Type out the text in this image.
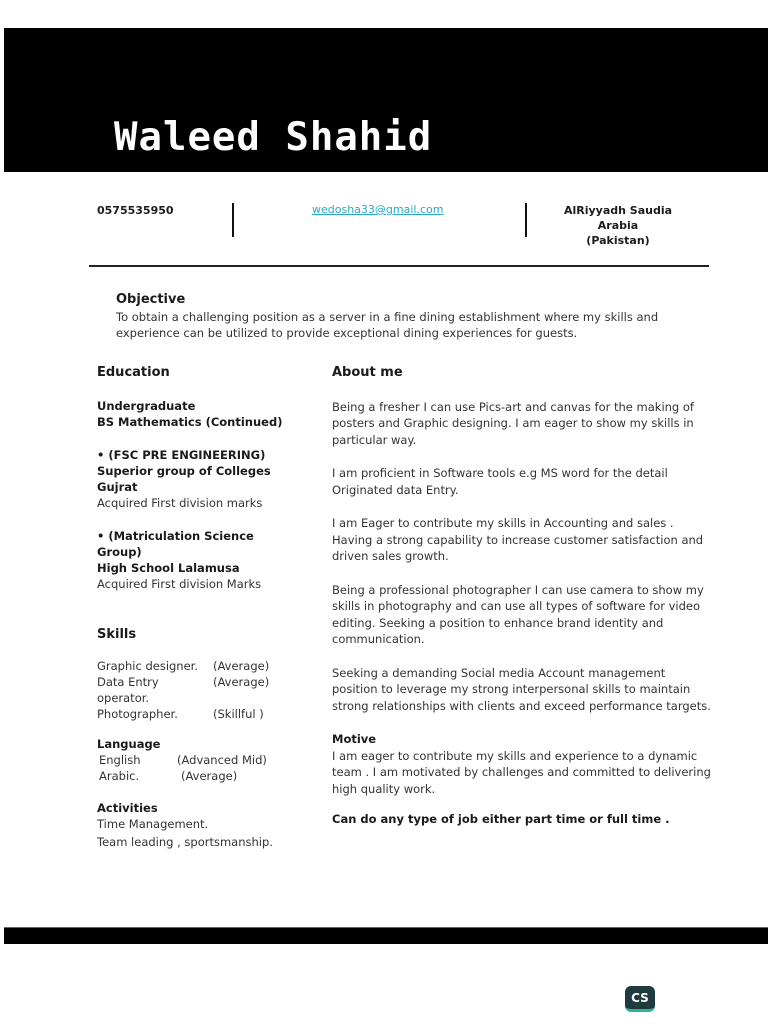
Waleed Shahid
0575535950	wedosha33@gmail.com	AlRiyyadh Saudia Arabia
(Pakistan)
Objective
To obtain a challenging position as a server in a fine dining establishment where my skills and experience can be utilized to provide exceptional dining experiences for guests.
Education
Undergraduate
BS Mathematics (Continued)
• (FSC PRE ENGINEERING)
Superior group of Colleges
Gujrat
Acquired First division marks
• (Matriculation Science
Group)
High School Lalamusa
Acquired First division Marks
Skills
Graphic designer.	(Average)
Data Entry operator.
(Average)
Photographer.	(Skillful )
Language
English	(Advanced Mid)
Arabic.	(Average)
Activities
Time Management.
Team leading , sportsmanship.
About me

Being a fresher I can use Pics-art and canvas for the making of posters and Graphic designing. I am eager to show my skills in particular way.

I am proficient in Software tools e.g MS word for the detail Originated data Entry.

I am Eager to contribute my skills in Accounting and sales . Having a strong capability to increase customer satisfaction and driven sales growth.

Being a professional photographer I can use camera to show my skills in photography and can use all types of software for video editing. Seeking a position to enhance brand identity and communication.

Seeking a demanding Social media Account management position to leverage my strong interpersonal skills to maintain strong relationships with clients and exceed performance targets.

Motive

I am eager to contribute my skills and experience to a dynamic team . I am motivated by challenges and committed to delivering high quality work.

Can do any type of job either part time or full time .
CS
